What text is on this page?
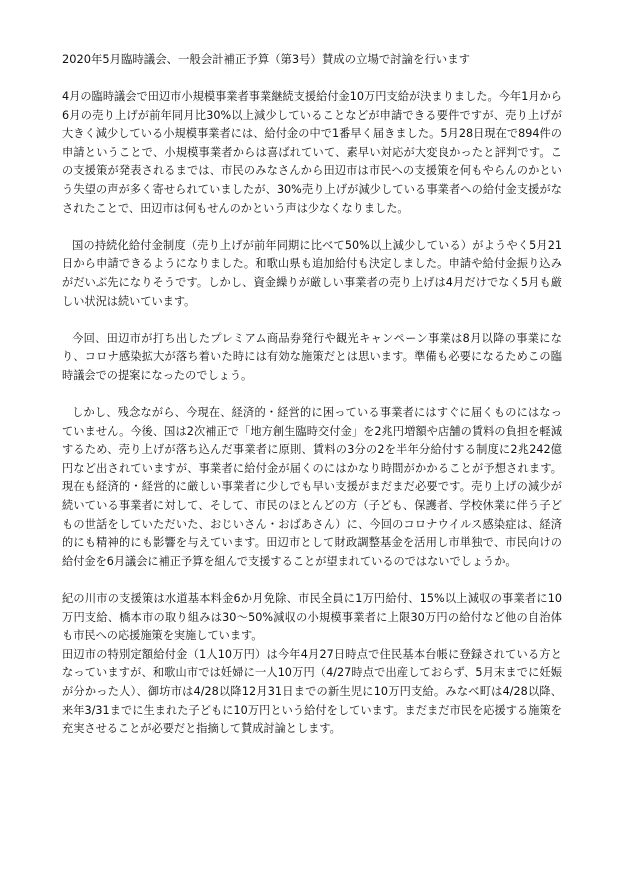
2020年5月臨時議会、一般会計補正予算（第3号）賛成の立場で討論を行います

4月の臨時議会で田辺市小規模事業者事業継続支援給付金10万円支給が決まりました。今年1月から6月の売り上げが前年同月比30%以上減少していることなどが申請できる要件ですが、売り上げが大きく減少している小規模事業者には、給付金の中で1番早く届きました。5月28日現在で894件の申請ということで、小規模事業者からは喜ばれていて、素早い対応が大変良かったと評判です。この支援策が発表されるまでは、市民のみなさんから田辺市は市民への支援策を何もやらんのかという失望の声が多く寄せられていましたが、30%売り上げが減少している事業者への給付金支援がなされたことで、田辺市は何もせんのかという声は少なくなりました。

国の持続化給付金制度（売り上げが前年同期に比べて50%以上減少している）がようやく5月21日から申請できるようになりました。和歌山県も追加給付も決定しました。申請や給付金振り込みがだいぶ先になりそうです。しかし、資金繰りが厳しい事業者の売り上げは4月だけでなく5月も厳しい状況は続いています。

今回、田辺市が打ち出したプレミアム商品券発行や観光キャンペーン事業は8月以降の事業になり、コロナ感染拡大が落ち着いた時には有効な施策だとは思います。準備も必要になるためこの臨時議会での提案になったのでしょう。

しかし、残念ながら、今現在、経済的・経営的に困っている事業者にはすぐに届くものにはなっていません。今後、国は2次補正で「地方創生臨時交付金」を2兆円増額や店舗の賃料の負担を軽減するため、売り上げが落ち込んだ事業者に原則、賃料の3分の2を半年分給付する制度に2兆242億円など出されていますが、事業者に給付金が届くのにはかなり時間がかかることが予想されます。現在も経済的・経営的に厳しい事業者に少しでも早い支援がまだまだ必要です。売り上げの減少が続いている事業者に対して、そして、市民のほとんどの方（子ども、保護者、学校休業に伴う子どもの世話をしていただいた、おじいさん・おばあさん）に、今回のコロナウイルス感染症は、経済的にも精神的にも影響を与えています。田辺市として財政調整基金を活用し市単独で、市民向けの給付金を6月議会に補正予算を組んで支援することが望まれているのではないでしょうか。

紀の川市の支援策は水道基本料金6か月免除、市民全員に1万円給付、15%以上減収の事業者に10万円支給、橋本市の取り組みは30～50%減収の小規模事業者に上限30万円の給付など他の自治体も市民への応援施策を実施しています。

田辺市の特別定額給付金（1人10万円）は今年4月27日時点で住民基本台帳に登録されている方となっていますが、和歌山市では妊婦に一人10万円（4/27時点で出産しておらず、5月末までに妊娠が分かった人）、御坊市は4/28以降12月31日までの新生児に10万円支給。みなべ町は4/28以降、来年3/31までに生まれた子どもに10万円という給付をしています。まだまだ市民を応援する施策を充実させることが必要だと指摘して賛成討論とします。
